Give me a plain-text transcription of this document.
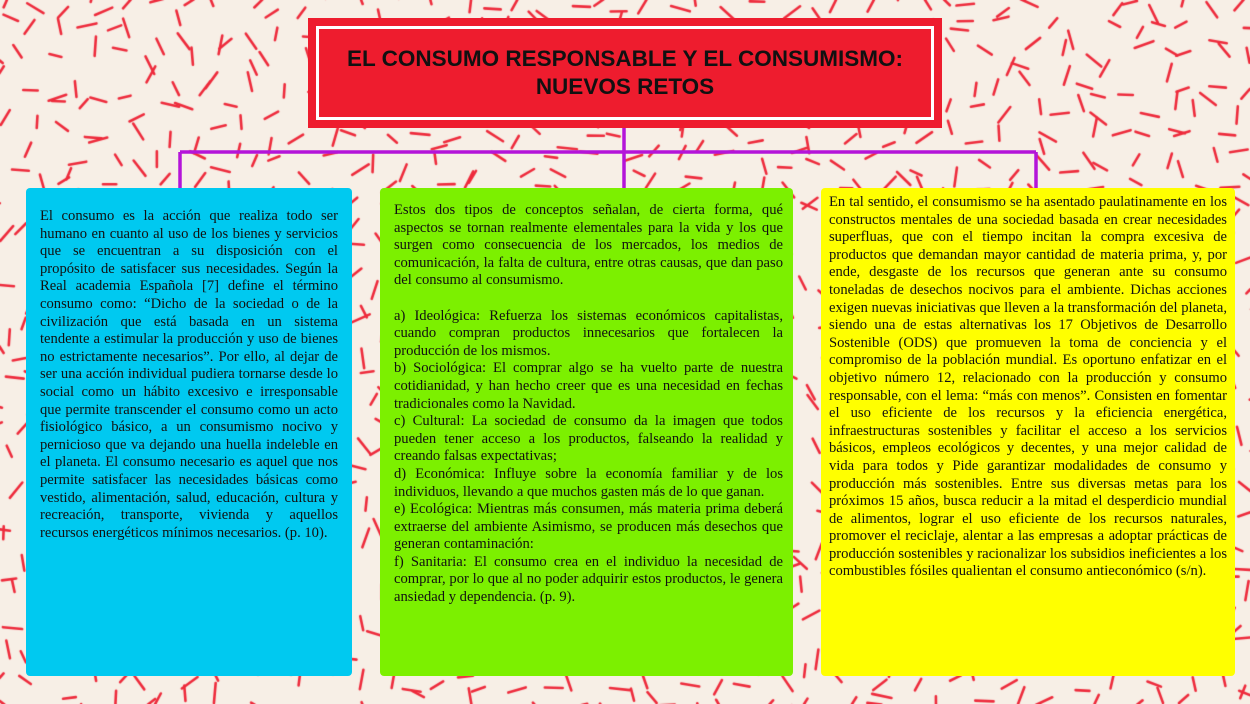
EL CONSUMO RESPONSABLE Y EL CONSUMISMO:
NUEVOS RETOS

El consumo es la acción que realiza todo ser humano en cuanto al uso de los bienes y servicios que se encuentran a su disposición con el propósito de satisfacer sus necesidades. Según la Real academia Española [7] define el término consumo como: “Dicho de la sociedad o de la civilización que está basada en un sistema tendente a estimular la producción y uso de bienes no estrictamente necesarios”. Por ello, al dejar de ser una acción individual pudiera tornarse desde lo social como un hábito excesivo e irresponsable que permite transcender el consumo como un acto fisiológico básico, a un consumismo nocivo y pernicioso que va dejando una huella indeleble en el planeta. El consumo necesario es aquel que nos permite satisfacer las necesidades básicas como vestido, alimentación, salud, educación, cultura y recreación, transporte, vivienda y aquellos recursos energéticos mínimos necesarios. (p. 10).

Estos dos tipos de conceptos señalan, de cierta forma, qué aspectos se tornan realmente elementales para la vida y los que surgen como consecuencia de los mercados, los medios de comunicación, la falta de cultura, entre otras causas, que dan paso del consumo al consumismo.

a) Ideológica: Refuerza los sistemas económicos capitalistas, cuando compran productos innecesarios que fortalecen la producción de los mismos.

b) Sociológica: El comprar algo se ha vuelto parte de nuestra cotidianidad, y han hecho creer que es una necesidad en fechas tradicionales como la Navidad.

c) Cultural: La sociedad de consumo da la imagen que todos pueden tener acceso a los productos, falseando la realidad y creando falsas expectativas;

d) Económica: Influye sobre la economía familiar y de los individuos, llevando a que muchos gasten más de lo que ganan.

e) Ecológica: Mientras más consumen, más materia prima deberá extraerse del ambiente Asimismo, se producen más desechos que generan contaminación:

f) Sanitaria: El consumo crea en el individuo la necesidad de comprar, por lo que al no poder adquirir estos productos, le genera ansiedad y dependencia. (p. 9).

En tal sentido, el consumismo se ha asentado paulatinamente en los constructos mentales de una sociedad basada en crear necesidades superfluas, que con el tiempo incitan la compra excesiva de productos que demandan mayor cantidad de materia prima, y, por ende, desgaste de los recursos que generan ante su consumo toneladas de desechos nocivos para el ambiente. Dichas acciones exigen nuevas iniciativas que lleven a la transformación del planeta, siendo una de estas alternativas los 17 Objetivos de Desarrollo Sostenible (ODS) que promueven la toma de conciencia y el compromiso de la población mundial. Es oportuno enfatizar en el objetivo número 12, relacionado con la producción y consumo responsable, con el lema: “más con menos”. Consisten en fomentar el uso eficiente de los recursos y la eficiencia energética, infraestructuras sostenibles y facilitar el acceso a los servicios básicos, empleos ecológicos y decentes, y una mejor calidad de vida para todos y Pide garantizar modalidades de consumo y producción más sostenibles. Entre sus diversas metas para los próximos 15 años, busca reducir a la mitad el desperdicio mundial de alimentos, lograr el uso eficiente de los recursos naturales, promover el reciclaje, alentar a las empresas a adoptar prácticas de producción sostenibles y racionalizar los subsidios ineficientes a los combustibles fósiles qualientan el consumo antieconómico (s/n).
